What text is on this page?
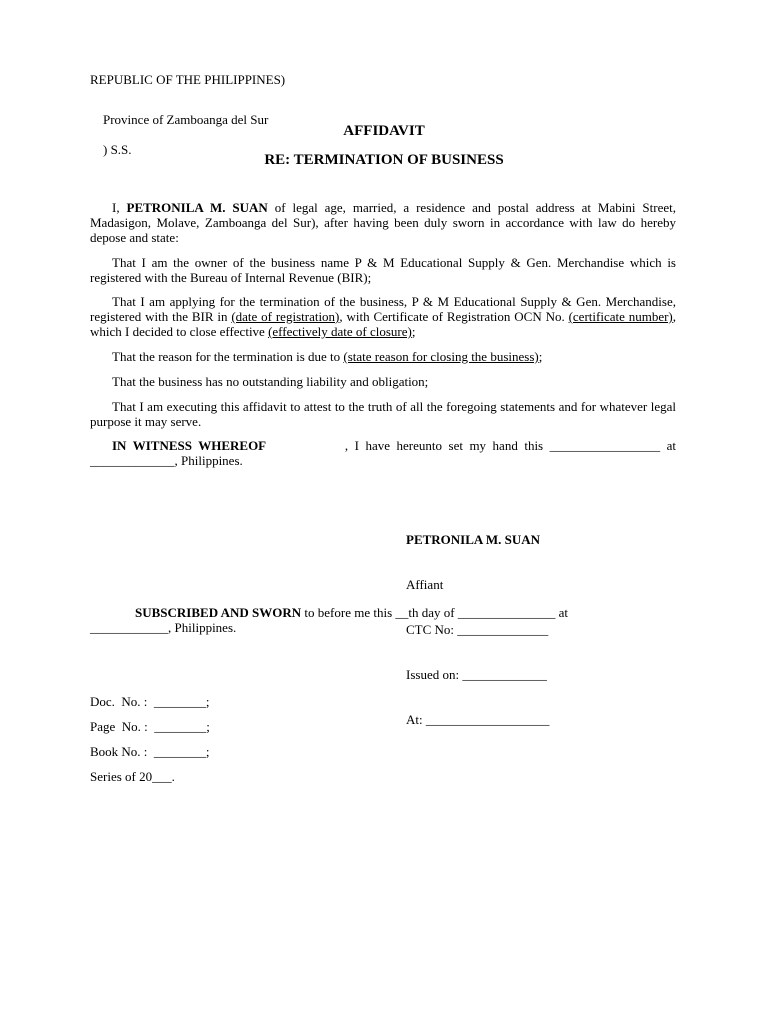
REPUBLIC OF THE PHILIPPINES)

Province of Zamboanga del Sur

) S.S.

AFFIDAVIT
RE: TERMINATION OF BUSINESS

I, PETRONILA M. SUAN of legal age, married, a residence and postal address at Mabini Street, Madasigon, Molave, Zamboanga del Sur), after having been duly sworn in accordance with law do hereby depose and state:

That I am the owner of the business name P & M Educational Supply & Gen. Merchandise which is registered with the Bureau of Internal Revenue (BIR);

That I am applying for the termination of the business, P & M Educational Supply & Gen. Merchandise, registered with the BIR in (date of registration), with Certificate of Registration OCN No. (certificate number), which I decided to close effective (effectively date of closure);

That the reason for the termination is due to (state reason for closing the business);

That the business has no outstanding liability and obligation;

That I am executing this affidavit to attest to the truth of all the foregoing statements and for whatever legal purpose it may serve.

IN  WITNESS  WHEREOF	,  I  have  hereunto  set  my  hand  this  _________________  at
_____________, Philippines.

PETRONILA M. SUAN

Affiant

CTC No: ______________

Issued on: _____________

At: ___________________

SUBSCRIBED AND SWORN to before me this __th day of _______________ at
____________, Philippines.
Doc.  No. :  ________;
Page  No. :  ________;
Book No. :  ________;
Series of 20___.
